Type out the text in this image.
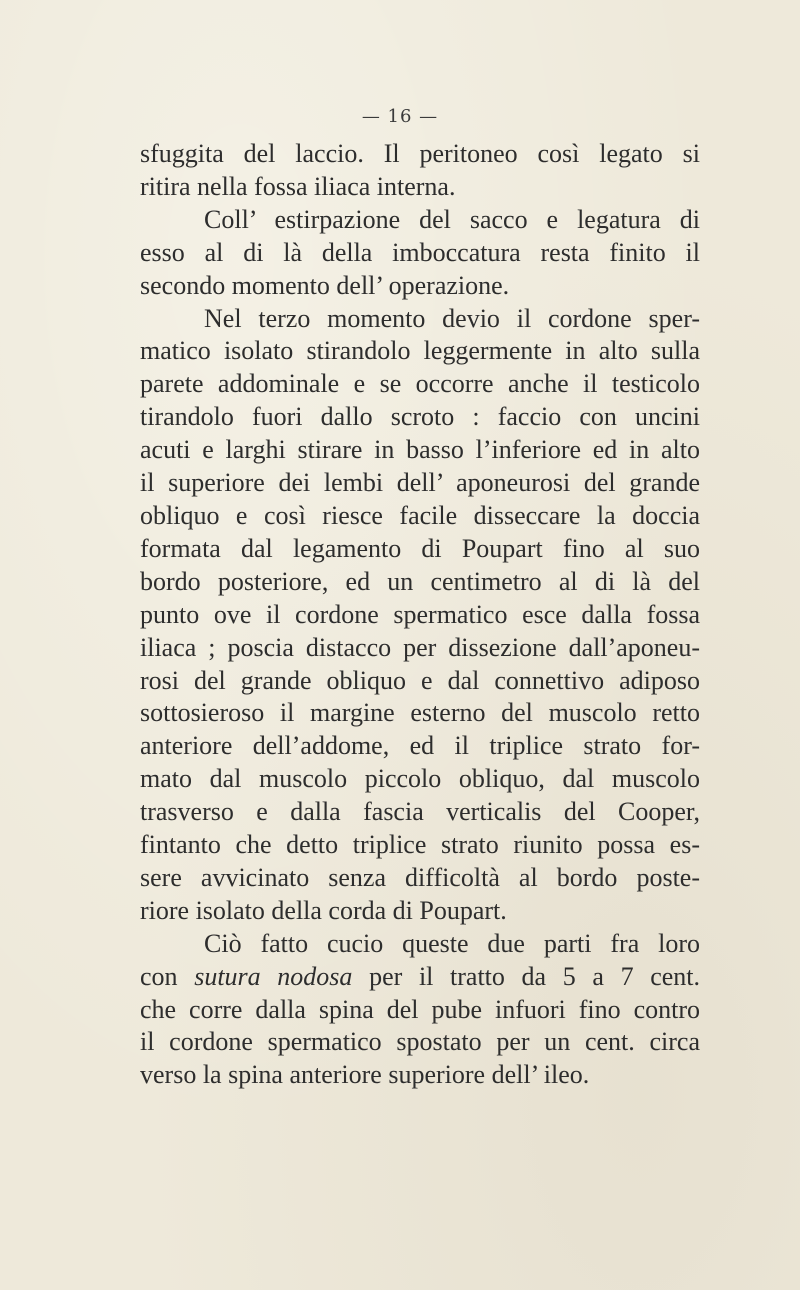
— 16 —
sfuggita del laccio. Il peritoneo così legato si
ritira nella fossa iliaca interna.
Coll’ estirpazione del sacco e legatura di
esso al di là della imboccatura resta finito il
secondo momento dell’ operazione.
Nel terzo momento devio il cordone sper-
matico isolato stirandolo leggermente in alto sulla
parete addominale e se occorre anche il testicolo
tirandolo fuori dallo scroto : faccio con uncini
acuti e larghi stirare in basso l’inferiore ed in alto
il superiore dei lembi dell’ aponeurosi del grande
obliquo e così riesce facile disseccare la doccia
formata dal legamento di Poupart fino al suo
bordo posteriore, ed un centimetro al di là del
punto ove il cordone spermatico esce dalla fossa
iliaca ; poscia distacco per dissezione dall’aponeu-
rosi del grande obliquo e dal connettivo adiposo
sottosieroso il margine esterno del muscolo retto
anteriore dell’addome, ed il triplice strato for-
mato dal muscolo piccolo obliquo, dal muscolo
trasverso e dalla fascia verticalis del Cooper,
fintanto che detto triplice strato riunito possa es-
sere avvicinato senza difficoltà al bordo poste-
riore isolato della corda di Poupart.
Ciò fatto cucio queste due parti fra loro
con sutura nodosa per il tratto da 5 a 7 cent.
che corre dalla spina del pube infuori fino contro
il cordone spermatico spostato per un cent. circa
verso la spina anteriore superiore dell’ ileo.
